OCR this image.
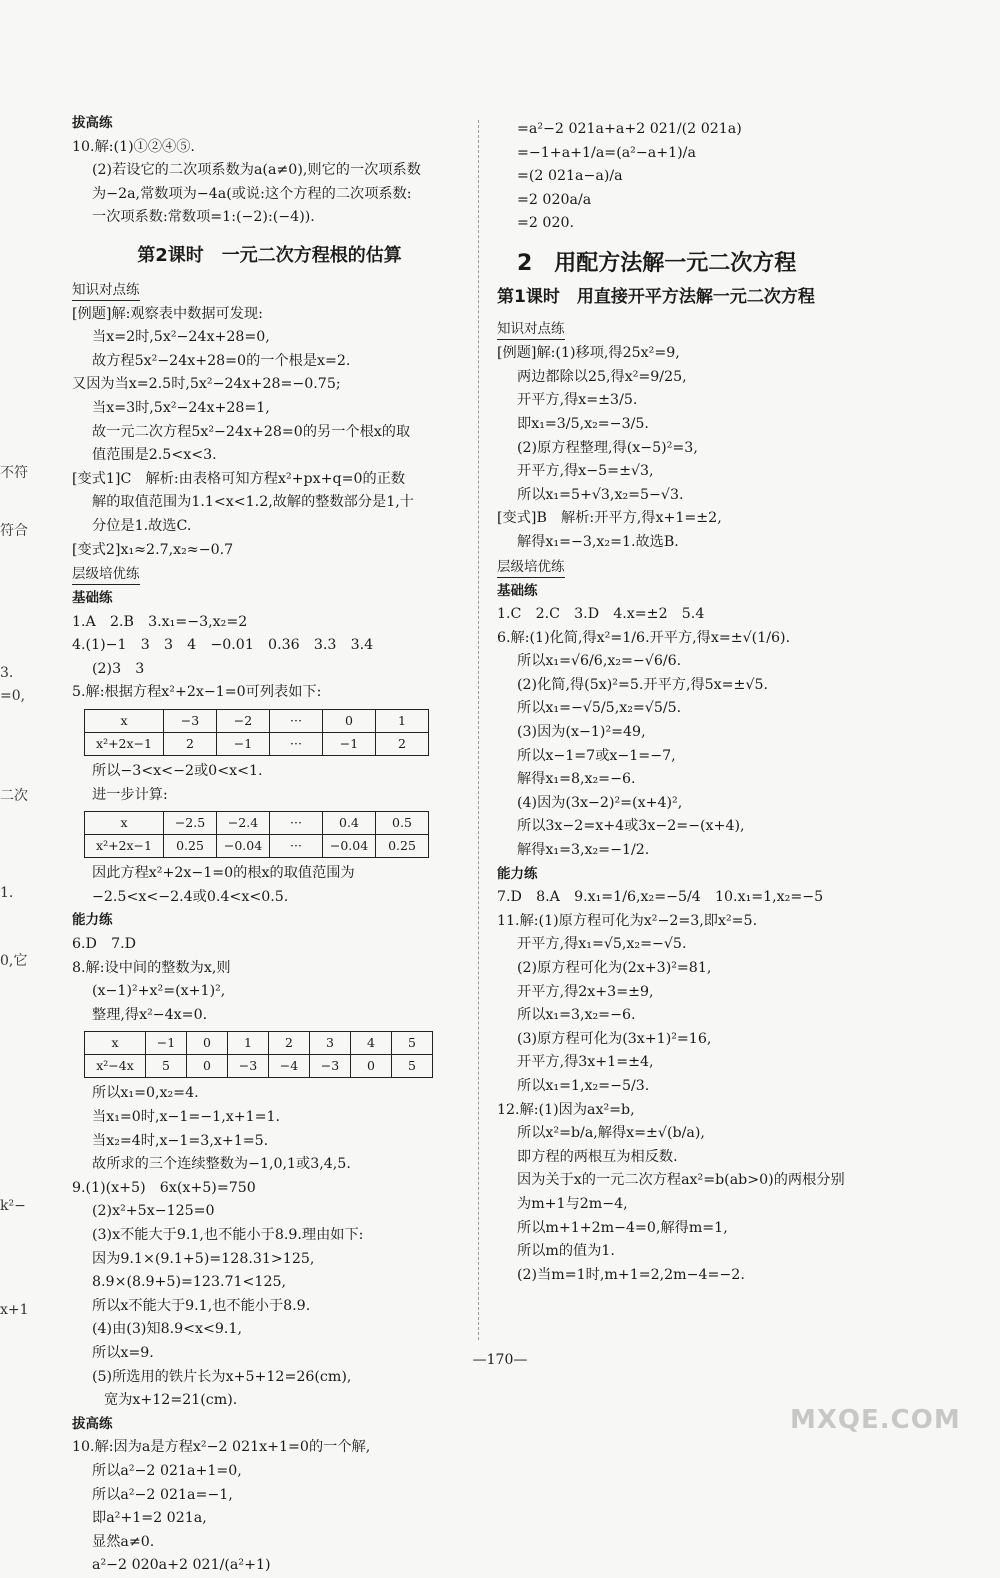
不符
符合
3.
=0,
二次
1.
0,它
k²−
x+1
拔高练
10.解:(1)①②④⑤.
(2)若设它的二次项系数为a(a≠0),则它的一次项系数
为−2a,常数项为−4a(或说:这个方程的二次项系数:
一次项系数:常数项=1:(−2):(−4)).
第2课时　一元二次方程根的估算
知识对点练
[例题]解:观察表中数据可发现:
当x=2时,5x²−24x+28=0,
故方程5x²−24x+28=0的一个根是x=2.
又因为当x=2.5时,5x²−24x+28=−0.75;
当x=3时,5x²−24x+28=1,
故一元二次方程5x²−24x+28=0的另一个根x的取
值范围是2.5<x<3.
[变式1]C　解析:由表格可知方程x²+px+q=0的正数
解的取值范围为1.1<x<1.2,故解的整数部分是1,十
分位是1.故选C.
[变式2]x₁≈2.7,x₂≈−0.7
层级培优练
基础练
1.A　2.B　3.x₁=−3,x₂=2
4.(1)−1　3　3　4　−0.01　0.36　3.3　3.4
(2)3　3
5.解:根据方程x²+2x−1=0可列表如下:
x	−3	−2	···	0	1
x²+2x−1	2	−1	···	−1	2
所以−3<x<−2或0<x<1.
进一步计算:
x	−2.5	−2.4	···	0.4	0.5
x²+2x−1	0.25	−0.04	···	−0.04	0.25
因此方程x²+2x−1=0的根x的取值范围为
−2.5<x<−2.4或0.4<x<0.5.
能力练
6.D　7.D
8.解:设中间的整数为x,则
(x−1)²+x²=(x+1)²,
整理,得x²−4x=0.
x	−1	0	1	2	3	4	5
x²−4x	5	0	−3	−4	−3	0	5
所以x₁=0,x₂=4.
当x₁=0时,x−1=−1,x+1=1.
当x₂=4时,x−1=3,x+1=5.
故所求的三个连续整数为−1,0,1或3,4,5.
9.(1)(x+5)　6x(x+5)=750
(2)x²+5x−125=0
(3)x不能大于9.1,也不能小于8.9.理由如下:
因为9.1×(9.1+5)=128.31>125,
8.9×(8.9+5)=123.71<125,
所以x不能大于9.1,也不能小于8.9.
(4)由(3)知8.9<x<9.1,
所以x=9.
(5)所选用的铁片长为x+5+12=26(cm),
宽为x+12=21(cm).
拔高练
10.解:因为a是方程x²−2 021x+1=0的一个解,
所以a²−2 021a+1=0,
所以a²−2 021a=−1,
即a²+1=2 021a,
显然a≠0.
a²−2 020a+2 021/(a²+1)
=a²−2 021a+a+2 021/(2 021a)
=−1+a+1/a=(a²−a+1)/a
=(2 021a−a)/a
=2 020a/a
=2 020.
2　用配方法解一元二次方程
第1课时　用直接开平方法解一元二次方程
知识对点练
[例题]解:(1)移项,得25x²=9,
两边都除以25,得x²=9/25,
开平方,得x=±3/5.
即x₁=3/5,x₂=−3/5.
(2)原方程整理,得(x−5)²=3,
开平方,得x−5=±√3,
所以x₁=5+√3,x₂=5−√3.
[变式]B　解析:开平方,得x+1=±2,
解得x₁=−3,x₂=1.故选B.
层级培优练
基础练
1.C　2.C　3.D　4.x=±2　5.4
6.解:(1)化简,得x²=1/6.开平方,得x=±√(1/6).
所以x₁=√6/6,x₂=−√6/6.
(2)化简,得(5x)²=5.开平方,得5x=±√5.
所以x₁=−√5/5,x₂=√5/5.
(3)因为(x−1)²=49,
所以x−1=7或x−1=−7,
解得x₁=8,x₂=−6.
(4)因为(3x−2)²=(x+4)²,
所以3x−2=x+4或3x−2=−(x+4),
解得x₁=3,x₂=−1/2.
能力练
7.D　8.A　9.x₁=1/6,x₂=−5/4　10.x₁=1,x₂=−5
11.解:(1)原方程可化为x²−2=3,即x²=5.
开平方,得x₁=√5,x₂=−√5.
(2)原方程可化为(2x+3)²=81,
开平方,得2x+3=±9,
所以x₁=3,x₂=−6.
(3)原方程可化为(3x+1)²=16,
开平方,得3x+1=±4,
所以x₁=1,x₂=−5/3.
12.解:(1)因为ax²=b,
所以x²=b/a,解得x=±√(b/a),
即方程的两根互为相反数.
因为关于x的一元二次方程ax²=b(ab>0)的两根分别
为m+1与2m−4,
所以m+1+2m−4=0,解得m=1,
所以m的值为1.
(2)当m=1时,m+1=2,2m−4=−2.
—170—
MXQE.COM
